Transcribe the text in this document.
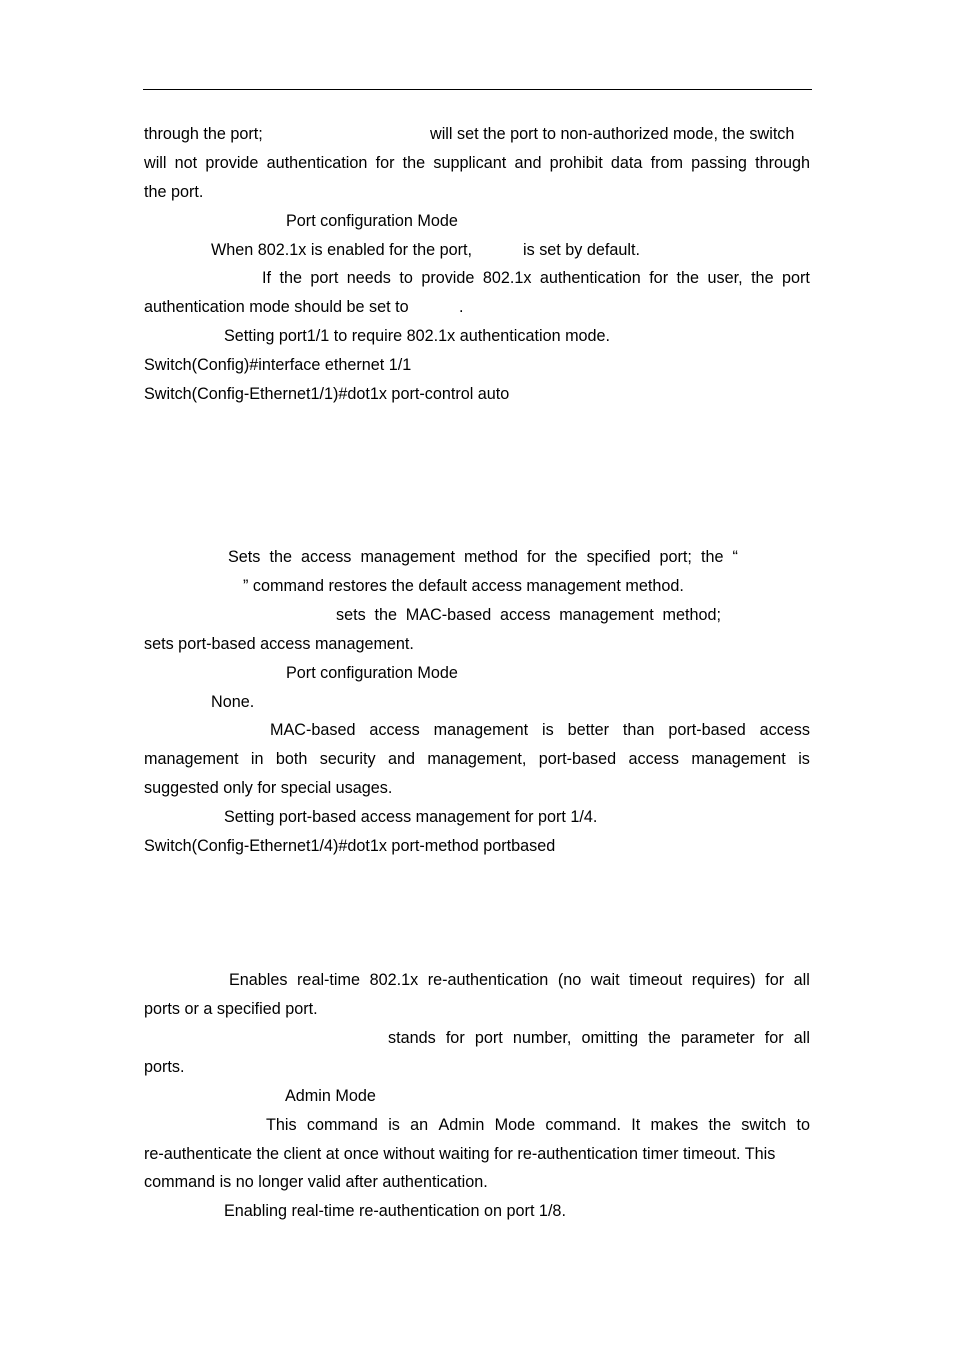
through the port;	will set the port to non-authorized mode, the switch
will not provide authentication for the supplicant and prohibit data from passing through
the port.
Port configuration Mode
When 802.1x is enabled for the port,	is set by default.
If the port needs to provide 802.1x authentication for the user, the port
authentication mode should be set to	.
Setting port1/1 to require 802.1x authentication mode.
Switch(Config)#interface ethernet 1/1
Switch(Config-Ethernet1/1)#dot1x port-control auto
Sets the access management method for the specified port; the “
” command restores the default access management method.
sets the MAC-based access management method;
sets port-based access management.
Port configuration Mode
None.
MAC-based access management is better than port-based access
management in both security and management, port-based access management is
suggested only for special usages.
Setting port-based access management for port 1/4.
Switch(Config-Ethernet1/4)#dot1x port-method portbased
Enables real-time 802.1x re-authentication (no wait timeout requires) for all
ports or a specified port.
stands for port number, omitting the parameter for all
ports.
Admin Mode
This command is an Admin Mode command. It makes the switch to
re-authenticate the client at once without waiting for re-authentication timer timeout. This
command is no longer valid after authentication.
Enabling real-time re-authentication on port 1/8.
